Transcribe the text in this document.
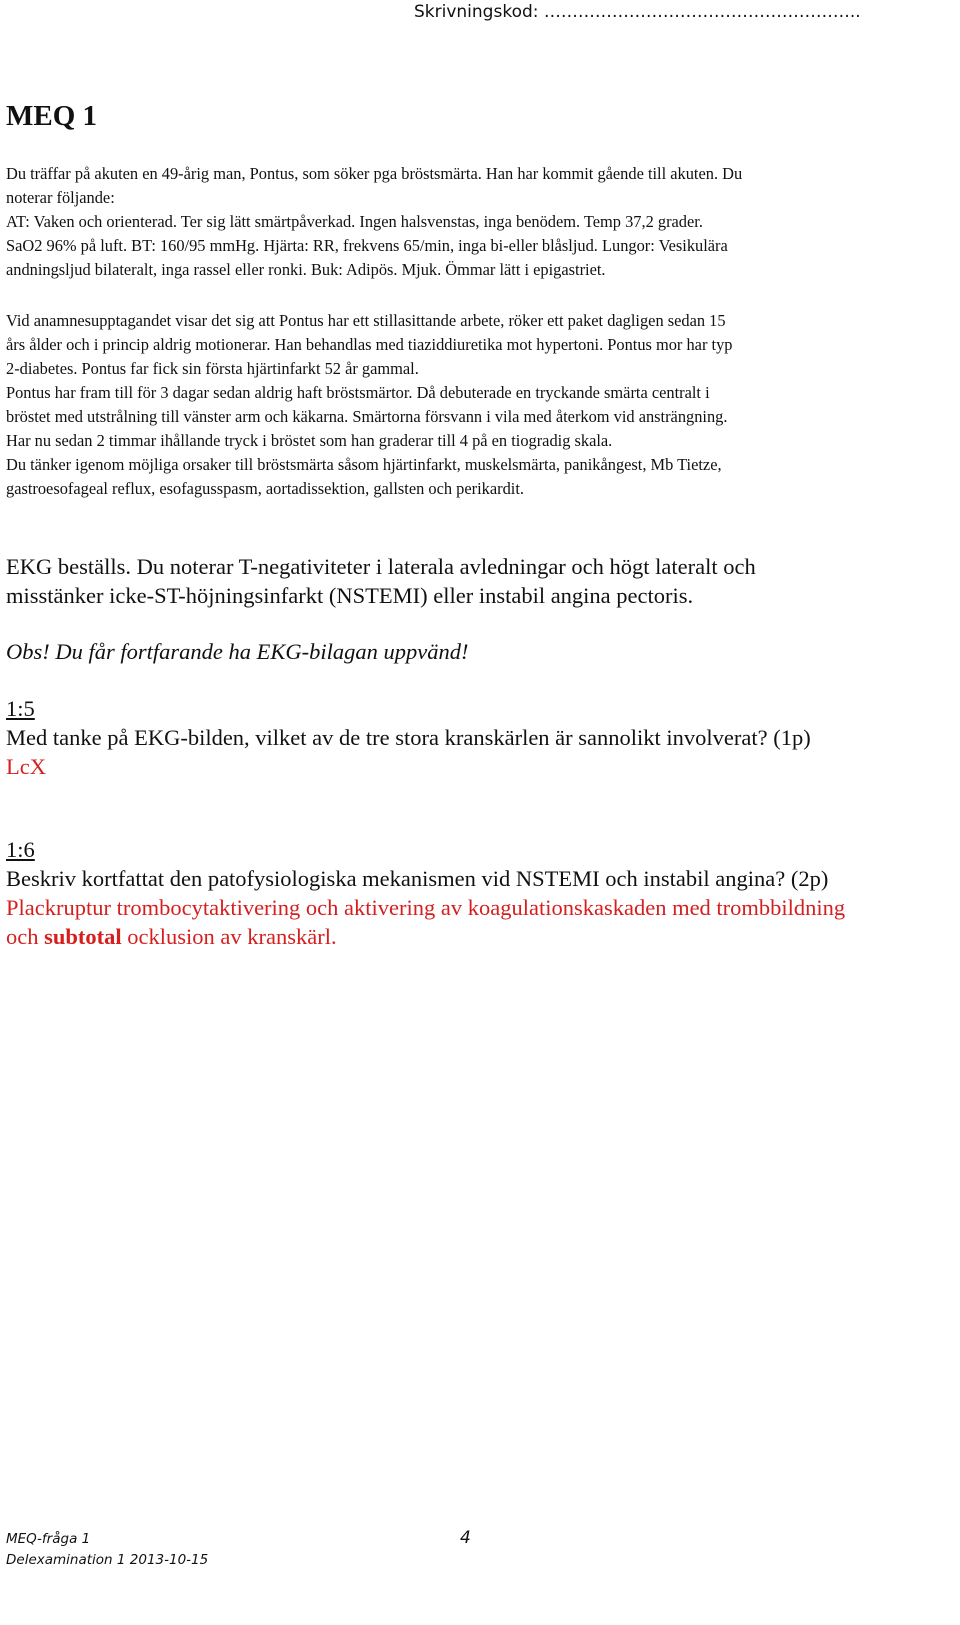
Skrivningskod: ………………………………………………..

MEQ 1
Du träffar på akuten en 49-årig man, Pontus, som söker pga bröstsmärta. Han har kommit gående till akuten. Du
noterar följande:
AT: Vaken och orienterad. Ter sig lätt smärtpåverkad. Ingen halsvenstas, inga benödem. Temp 37,2 grader.
SaO2 96% på luft. BT: 160/95 mmHg. Hjärta: RR, frekvens 65/min, inga bi-eller blåsljud. Lungor: Vesikulära
andningsljud bilateralt, inga rassel eller ronki. Buk: Adipös. Mjuk. Ömmar lätt i epigastriet.
Vid anamnesupptagandet visar det sig att Pontus har ett stillasittande arbete, röker ett paket dagligen sedan 15
års ålder och i princip aldrig motionerar. Han behandlas med tiaziddiuretika mot hypertoni. Pontus mor har typ
2-diabetes. Pontus far fick sin första hjärtinfarkt 52 år gammal.
Pontus har fram till för 3 dagar sedan aldrig haft bröstsmärtor. Då debuterade en tryckande smärta centralt i
bröstet med utstrålning till vänster arm och käkarna. Smärtorna försvann i vila med återkom vid ansträngning.
Har nu sedan 2 timmar ihållande tryck i bröstet som han graderar till 4 på en tiogradig skala.
Du tänker igenom möjliga orsaker till bröstsmärta såsom hjärtinfarkt, muskelsmärta, panikångest, Mb Tietze,
gastroesofageal reflux, esofagusspasm, aortadissektion, gallsten och perikardit.
EKG beställs. Du noterar T-negativiteter i laterala avledningar och högt lateralt och
misstänker icke-ST-höjningsinfarkt (NSTEMI) eller instabil angina pectoris.
Obs! Du får fortfarande ha EKG-bilagan uppvänd!
1:5
Med tanke på EKG-bilden, vilket av de tre stora kranskärlen är sannolikt involverat? (1p)
LcX
1:6
Beskriv kortfattat den patofysiologiska mekanismen vid NSTEMI och instabil angina? (2p)
Plackruptur trombocytaktivering och aktivering av koagulationskaskaden med trombbildning
och subtotal ocklusion av kranskärl.
MEQ-fråga 1	4
Delexamination 1 2013-10-15
